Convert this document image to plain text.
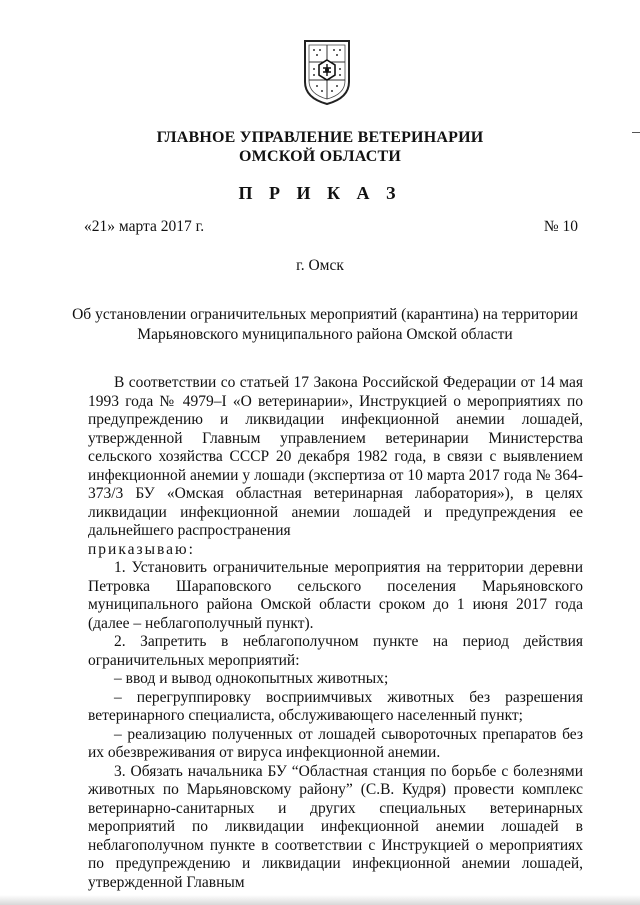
ГЛАВНОЕ УПРАВЛЕНИЕ ВЕТЕРИНАРИИ
ОМСКОЙ ОБЛАСТИ
П Р И К А З
«21» марта 2017 г.	№ 10
г. Омск
Об установлении ограничительных мероприятий (карантина) на территории
Марьяновского муниципального района Омской области

В соответствии со статьей 17 Закона Российской Федерации от 14 мая 1993 года № 4979–I «О ветеринарии», Инструкцией о мероприятиях по предупреждению и ликвидации инфекционной анемии лошадей, утвержденной Главным управлением ветеринарии Министерства сельского хозяйства СССР 20 декабря 1982 года, в связи с выявлением инфекционной анемии у лошади (экспертиза от 10 марта 2017 года № 364-373/3 БУ «Омская областная ветеринарная лаборатория»), в целях ликвидации инфекционной анемии лошадей и предупреждения ее дальнейшего распространения

приказываю:

1. Установить ограничительные мероприятия на территории деревни Петровка Шараповского сельского поселения Марьяновского муниципального района Омской области сроком до 1 июня 2017 года (далее – неблагополучный пункт).

2. Запретить в неблагополучном пункте на период действия ограничительных мероприятий:

– ввод и вывод однокопытных животных;

– перегруппировку восприимчивых животных без разрешения ветеринарного специалиста, обслуживающего населенный пункт;

– реализацию полученных от лошадей сывороточных препаратов без их обезвреживания от вируса инфекционной анемии.

3. Обязать начальника БУ “Областная станция по борьбе с болезнями животных по Марьяновскому району” (С.В. Кудря) провести комплекс ветеринарно-санитарных и других специальных ветеринарных мероприятий по ликвидации инфекционной анемии лошадей в неблагополучном пункте в соответствии с Инструкцией о мероприятиях по предупреждению и ликвидации инфекционной анемии лошадей, утвержденной Главным
